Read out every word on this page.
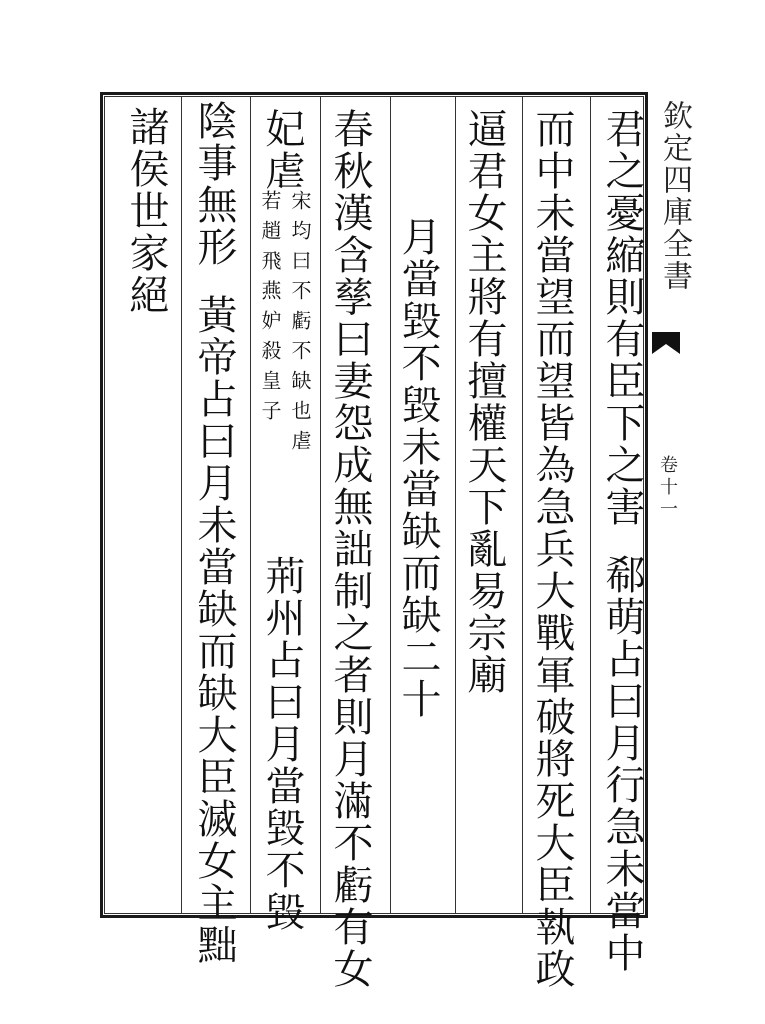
欽定四庫全書
卷十一
君之憂縮則有臣下之害郗萌占曰月行急未當中
而中未當望而望皆為急兵大戰軍破將死大臣執政
逼君女主將有擅權天下亂易宗廟
月當毀不毀未當缺而缺二十
春秋漢含孳曰妻怨成無詘制之者則月滿不虧有女
妃虐
宋均曰不虧不缺也虐
若趙飛燕妒殺皇子
荊州占曰月當毀不毀
陰事無形黃帝占曰月未當缺而缺大臣滅女主黜
諸侯世家絕
